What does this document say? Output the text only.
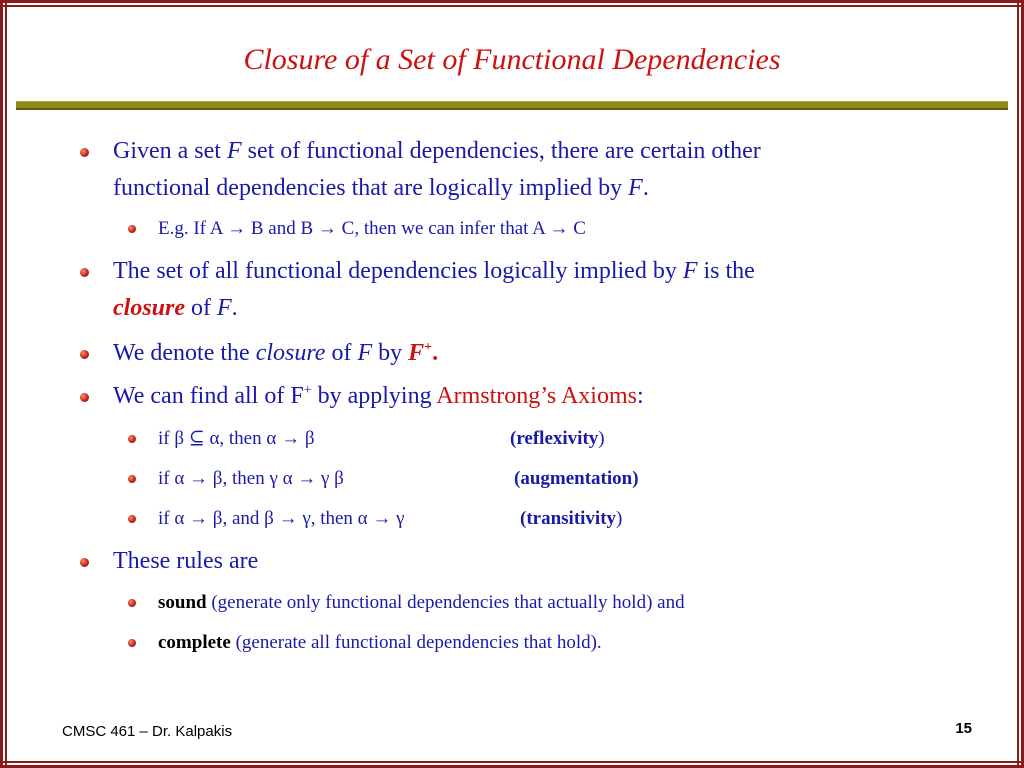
Closure of a Set of Functional Dependencies
Given a set F set of functional dependencies, there are certain other
functional dependencies that are logically implied by F.
E.g. If A → B and B → C, then we can infer that A → C
The set of all functional dependencies logically implied by F is the
closure of F.
We denote the closure of F by F+.
We can find all of F+ by applying Armstrong’s Axioms:
if β ⊆ α, then α → β	(reflexivity)
if α → β, then γ α → γ β	(augmentation)
if α → β, and β → γ, then α → γ	(transitivity)
These rules are
sound (generate only functional dependencies that actually hold) and
complete (generate all functional dependencies that hold).
CMSC 461 – Dr. Kalpakis	15
